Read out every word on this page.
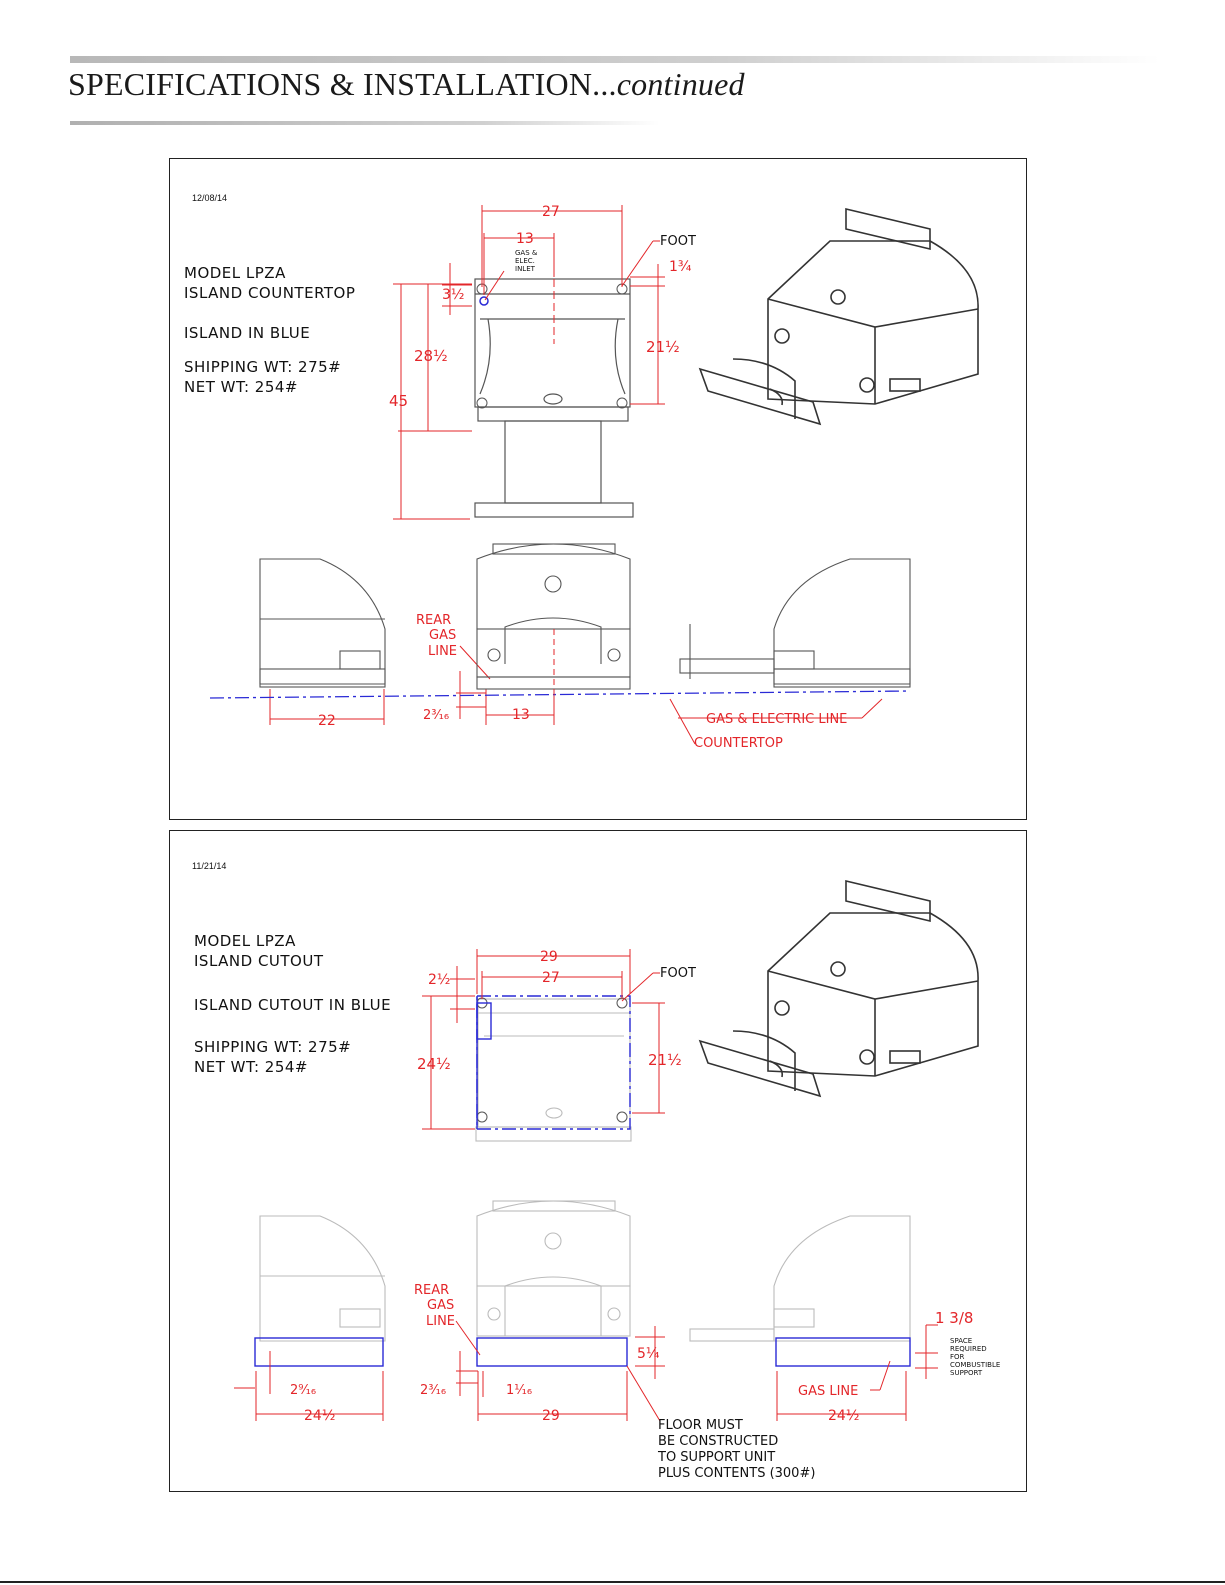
SPECIFICATIONS & INSTALLATION...continued
12/08/14
MODEL LPZA
ISLAND COUNTERTOP
ISLAND IN BLUE
SHIPPING WT: 275#
NET WT: 254#
27
13
GAS &
ELEC.
INLET
FOOT
1¾
3½
28½
45
21½
REAR
GAS
LINE
2³⁄₁₆	13
22	GAS & ELECTRIC LINE
COUNTERTOP
11/21/14
MODEL LPZA
ISLAND CUTOUT
ISLAND CUTOUT IN BLUE
SHIPPING WT: 275#
NET WT: 254#
29
27	FOOT
2½
24½	21½
REAR
GAS
LINE
5¼
1 3/8
SPACE
REQUIRED
FOR
COMBUSTIBLE
SUPPORT
2⁹⁄₁₆	2³⁄₁₆	1¹⁄₁₆
24½	29
GAS LINE
24½
FLOOR MUST
BE CONSTRUCTED
TO SUPPORT UNIT
PLUS CONTENTS (300#)
